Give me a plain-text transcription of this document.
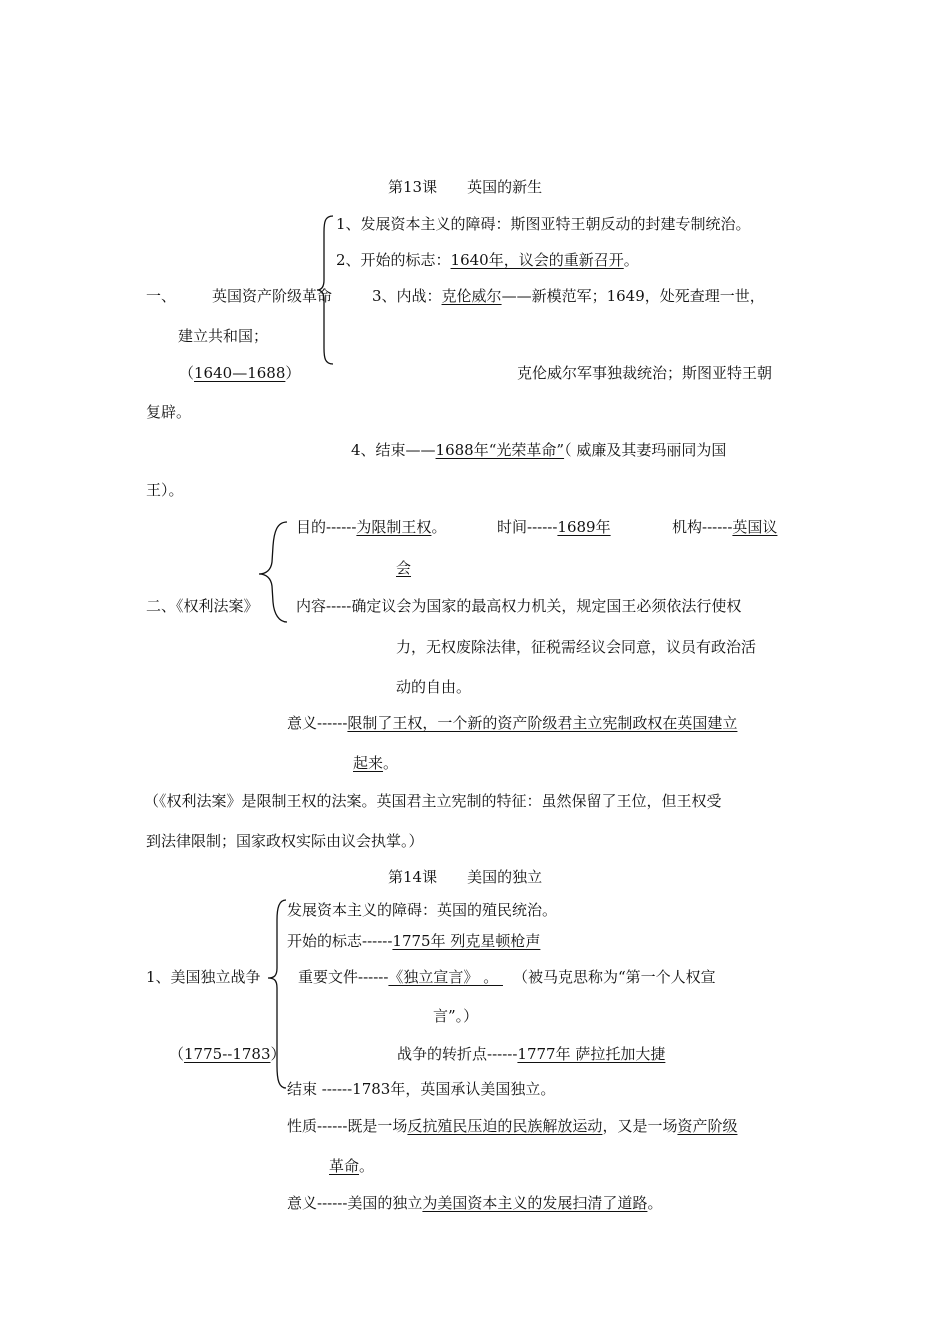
第13课　　英国的新生
1、发展资本主义的障碍：斯图亚特王朝反动的封建专制统治。
2、开始的标志：1640年，议会的重新召开。
一、 英国资产阶级革命	3、内战：克伦威尔——新模范军；1649，处死查理一世，
建立共和国；
（1640—1688）	克伦威尔军事独裁统治；斯图亚特王朝
复辟。
4、结束——1688年“光荣革命”（ 威廉及其妻玛丽同为国
王）。
目的------为限制王权。	时间------1689年	机构------英国议
会
二、《权利法案》 内容-----确定议会为国家的最高权力机关，规定国王必须依法行使权
力，无权废除法律，征税需经议会同意，议员有政治活
动的自由。
意义------限制了王权，一个新的资产阶级君主立宪制政权在英国建立
起来。
（《权利法案》是限制王权的法案。英国君主立宪制的特征：虽然保留了王位，但王权受
到法律限制；国家政权实际由议会执掌。）
第14课　　美国的独立
发展资本主义的障碍：英国的殖民统治。
开始的标志------1775年 列克星顿枪声
1、美国独立战争 重要文件------《独立宣言》 。 （被马克思称为“第一个人权宣
言”。）
（1775--1783）	战争的转折点------1777年 萨拉托加大捷
结束 ------1783年，英国承认美国独立。
性质------既是一场反抗殖民压迫的民族解放运动，又是一场资产阶级
革命。
意义------美国的独立为美国资本主义的发展扫清了道路。
